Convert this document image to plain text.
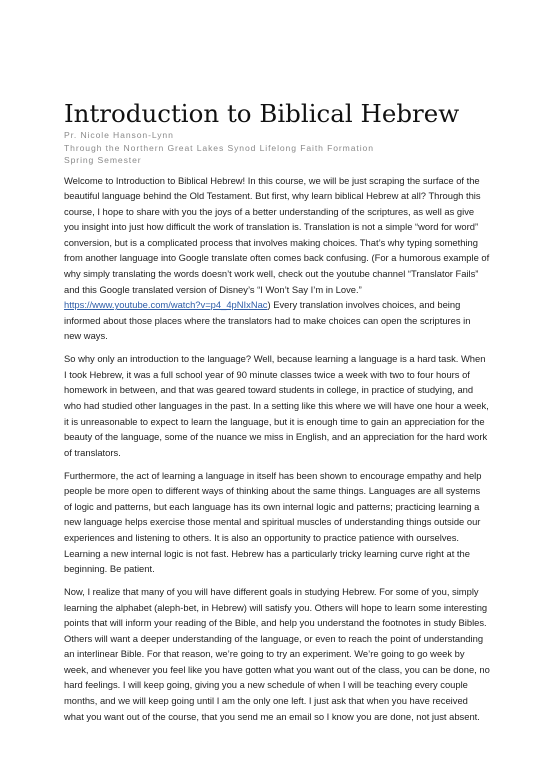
Introduction to Biblical Hebrew

Pr. Nicole Hanson-Lynn

Through the Northern Great Lakes Synod Lifelong Faith Formation

Spring Semester

Welcome to Introduction to Biblical Hebrew! In this course, we will be just scraping the surface of the beautiful language behind the Old Testament. But first, why learn biblical Hebrew at all? Through this course, I hope to share with you the joys of a better understanding of the scriptures, as well as give you insight into just how difficult the work of translation is. Translation is not a simple “word for word” conversion, but is a complicated process that involves making choices. That’s why typing something from another language into Google translate often comes back confusing. (For a humorous example of why simply translating the words doesn’t work well, check out the youtube channel “Translator Fails” and this Google translated version of Disney’s “I Won’t Say I’m in Love.” https://www.youtube.com/watch?v=p4_4pNIxNac) Every translation involves choices, and being informed about those places where the translators had to make choices can open the scriptures in new ways.

So why only an introduction to the language? Well, because learning a language is a hard task. When I took Hebrew, it was a full school year of 90 minute classes twice a week with two to four hours of homework in between, and that was geared toward students in college, in practice of studying, and who had studied other languages in the past. In a setting like this where we will have one hour a week, it is unreasonable to expect to learn the language, but it is enough time to gain an appreciation for the beauty of the language, some of the nuance we miss in English, and an appreciation for the hard work of translators.

Furthermore, the act of learning a language in itself has been shown to encourage empathy and help people be more open to different ways of thinking about the same things. Languages are all systems of logic and patterns, but each language has its own internal logic and patterns; practicing learning a new language helps exercise those mental and spiritual muscles of understanding things outside our experiences and listening to others. It is also an opportunity to practice patience with ourselves. Learning a new internal logic is not fast. Hebrew has a particularly tricky learning curve right at the beginning. Be patient.

Now, I realize that many of you will have different goals in studying Hebrew. For some of you, simply learning the alphabet (aleph-bet, in Hebrew) will satisfy you. Others will hope to learn some interesting points that will inform your reading of the Bible, and help you understand the footnotes in study Bibles. Others will want a deeper understanding of the language, or even to reach the point of understanding an interlinear Bible. For that reason, we’re going to try an experiment. We’re going to go week by week, and whenever you feel like you have gotten what you want out of the class, you can be done, no hard feelings. I will keep going, giving you a new schedule of when I will be teaching every couple months, and we will keep going until I am the only one left. I just ask that when you have received what you want out of the course, that you send me an email so I know you are done, not just absent.
